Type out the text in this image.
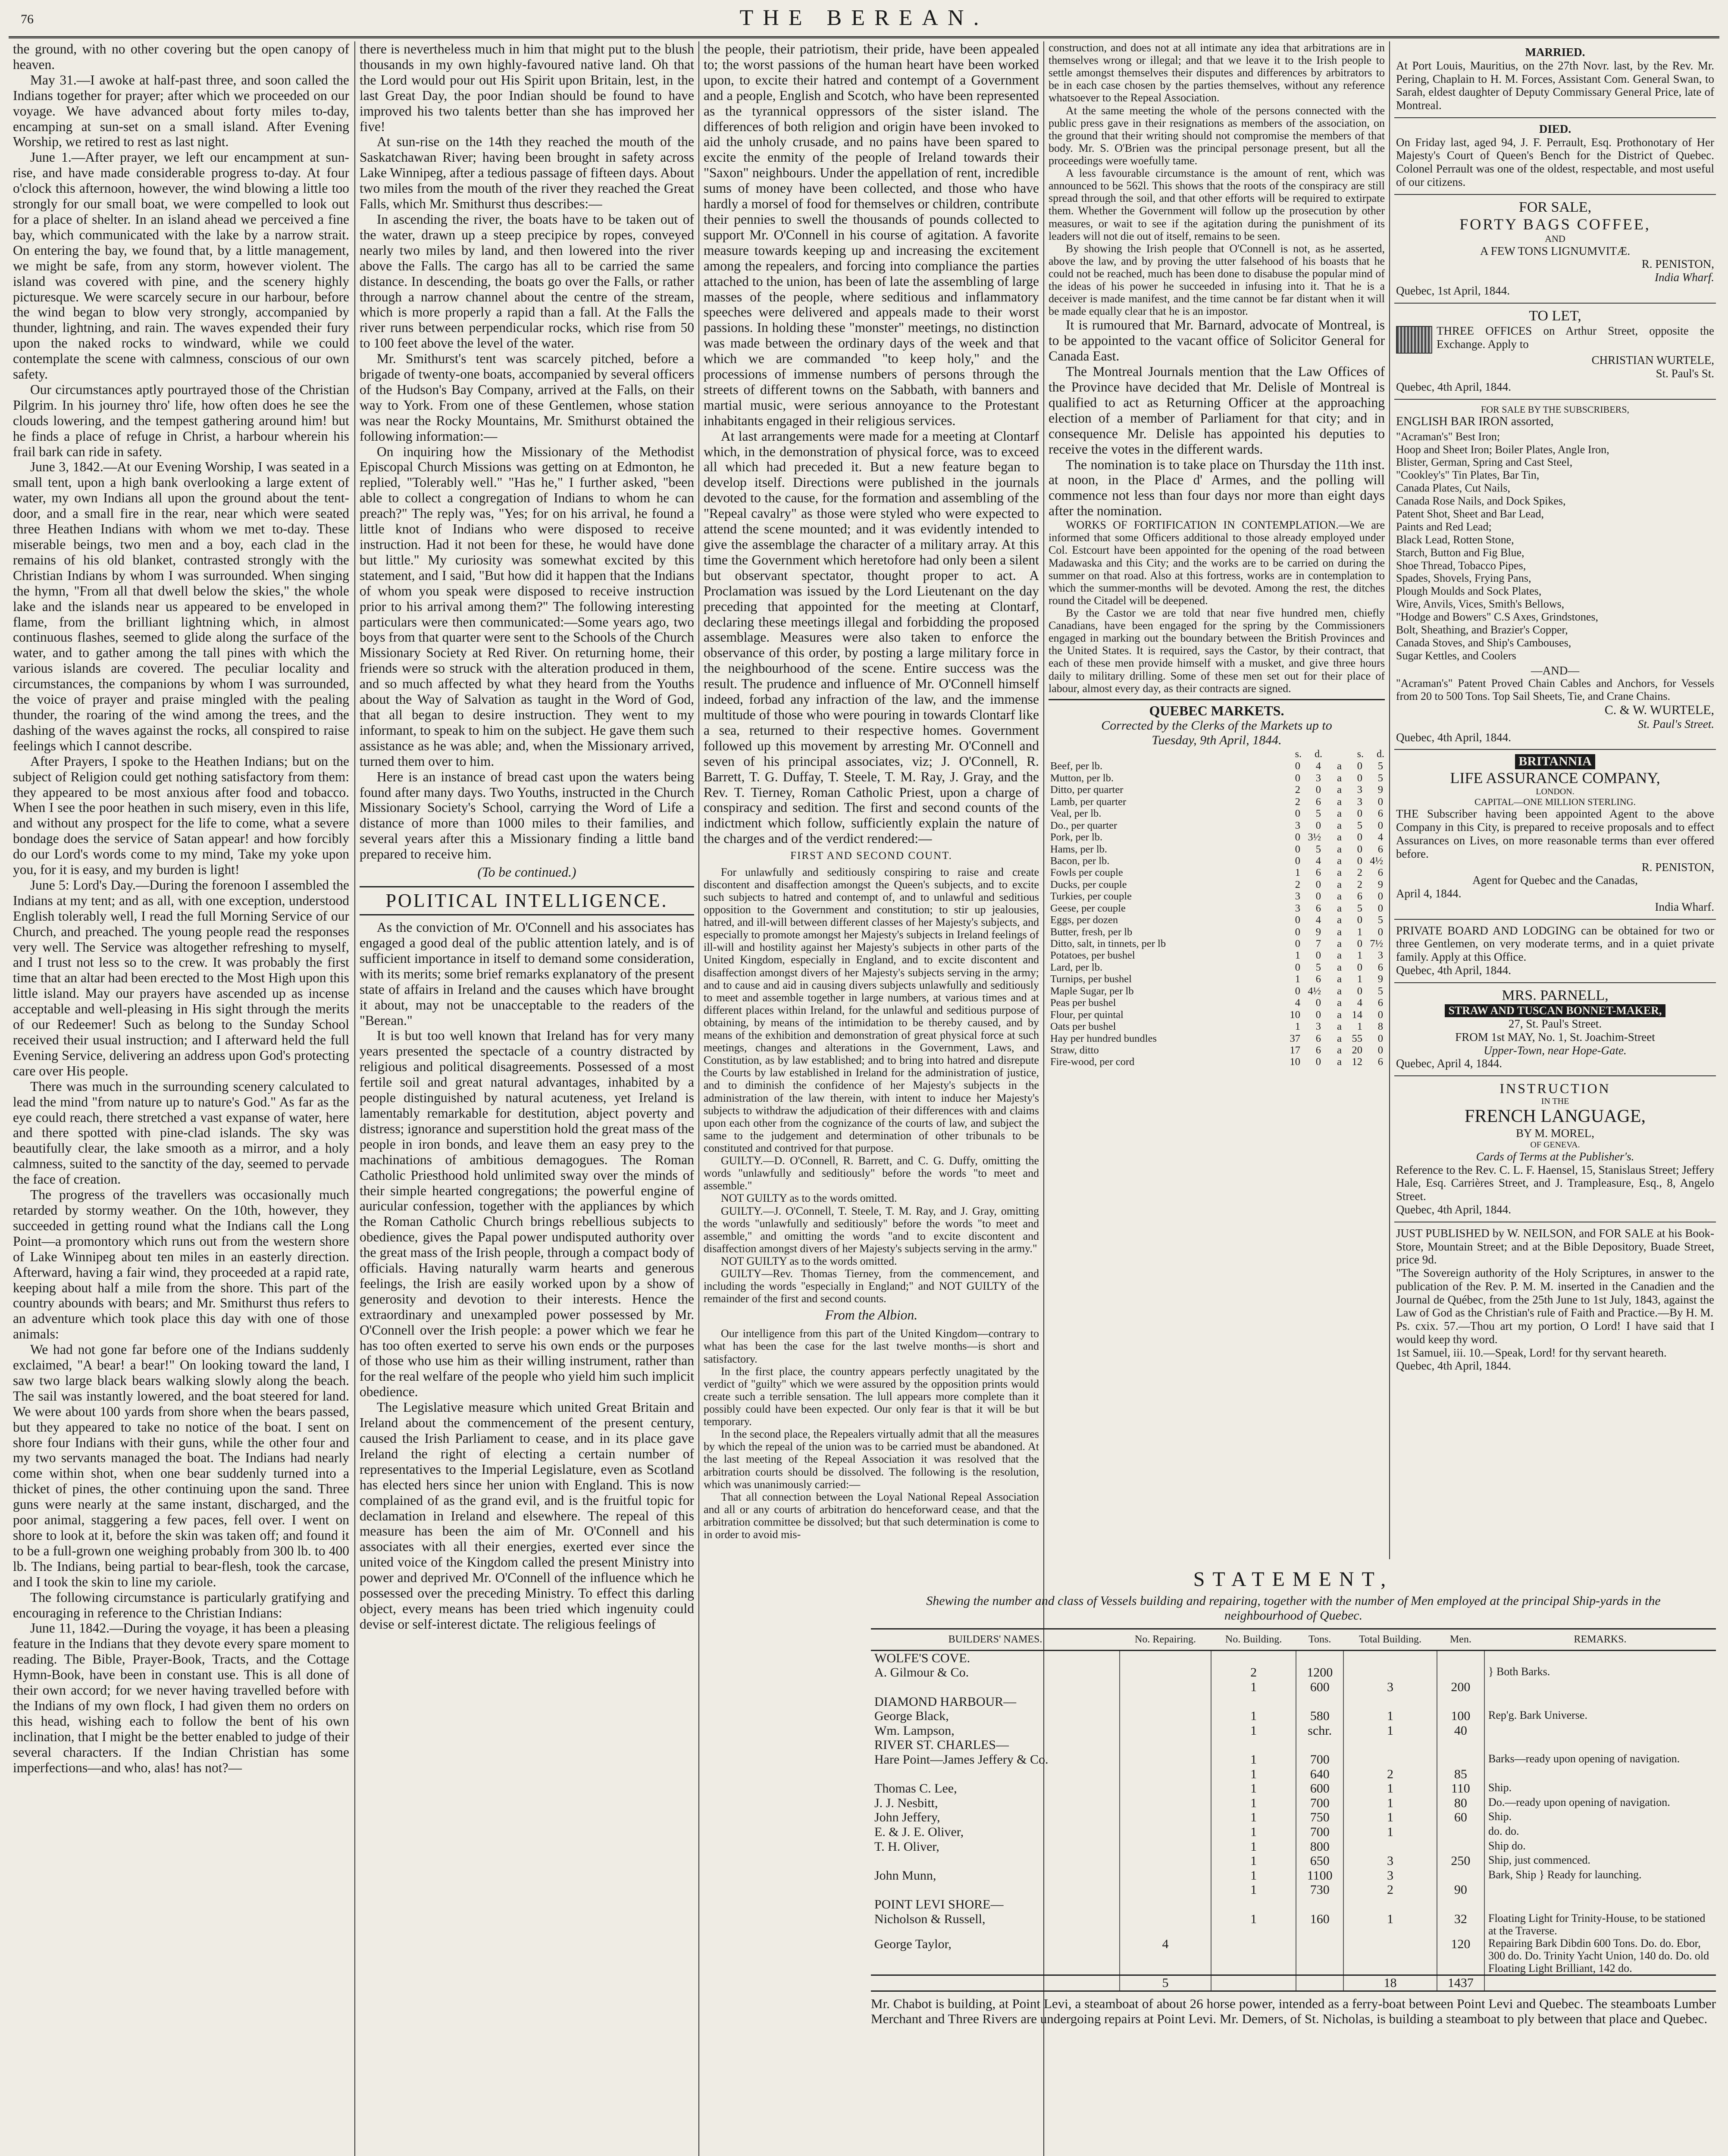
76	THE BEREAN.

the ground, with no other covering but the open canopy of heaven.

May 31.—I awoke at half-past three, and soon called the Indians together for prayer; after which we proceeded on our voyage. We have advanced about forty miles to-day, encamping at sun-set on a small island. After Evening Worship, we retired to rest as last night.

June 1.—After prayer, we left our encampment at sun-rise, and have made considerable progress to-day. At four o'clock this afternoon, however, the wind blowing a little too strongly for our small boat, we were compelled to look out for a place of shelter. In an island ahead we perceived a fine bay, which communicated with the lake by a narrow strait. On entering the bay, we found that, by a little management, we might be safe, from any storm, however violent. The island was covered with pine, and the scenery highly picturesque. We were scarcely secure in our harbour, before the wind began to blow very strongly, accompanied by thunder, lightning, and rain. The waves expended their fury upon the naked rocks to windward, while we could contemplate the scene with calmness, conscious of our own safety.

Our circumstances aptly pourtrayed those of the Christian Pilgrim. In his journey thro' life, how often does he see the clouds lowering, and the tempest gathering around him! but he finds a place of refuge in Christ, a harbour wherein his frail bark can ride in safety.

June 3, 1842.—At our Evening Worship, I was seated in a small tent, upon a high bank overlooking a large extent of water, my own Indians all upon the ground about the tent-door, and a small fire in the rear, near which were seated three Heathen Indians with whom we met to-day. These miserable beings, two men and a boy, each clad in the remains of his old blanket, contrasted strongly with the Christian Indians by whom I was surrounded. When singing the hymn, "From all that dwell below the skies," the whole lake and the islands near us appeared to be enveloped in flame, from the brilliant lightning which, in almost continuous flashes, seemed to glide along the surface of the water, and to gather among the tall pines with which the various islands are covered. The peculiar locality and circumstances, the companions by whom I was surrounded, the voice of prayer and praise mingled with the pealing thunder, the roaring of the wind among the trees, and the dashing of the waves against the rocks, all conspired to raise feelings which I cannot describe.

After Prayers, I spoke to the Heathen Indians; but on the subject of Religion could get nothing satisfactory from them: they appeared to be most anxious after food and tobacco. When I see the poor heathen in such misery, even in this life, and without any prospect for the life to come, what a severe bondage does the service of Satan appear! and how forcibly do our Lord's words come to my mind, Take my yoke upon you, for it is easy, and my burden is light!

June 5: Lord's Day.—During the forenoon I assembled the Indians at my tent; and as all, with one exception, understood English tolerably well, I read the full Morning Service of our Church, and preached. The young people read the responses very well. The Service was altogether refreshing to myself, and I trust not less so to the crew. It was probably the first time that an altar had been erected to the Most High upon this little island. May our prayers have ascended up as incense acceptable and well-pleasing in His sight through the merits of our Redeemer! Such as belong to the Sunday School received their usual instruction; and I afterward held the full Evening Service, delivering an address upon God's protecting care over His people.

There was much in the surrounding scenery calculated to lead the mind "from nature up to nature's God." As far as the eye could reach, there stretched a vast expanse of water, here and there spotted with pine-clad islands. The sky was beautifully clear, the lake smooth as a mirror, and a holy calmness, suited to the sanctity of the day, seemed to pervade the face of creation.

The progress of the travellers was occasionally much retarded by stormy weather. On the 10th, however, they succeeded in getting round what the Indians call the Long Point—a promontory which runs out from the western shore of Lake Winnipeg about ten miles in an easterly direction. Afterward, having a fair wind, they proceeded at a rapid rate, keeping about half a mile from the shore. This part of the country abounds with bears; and Mr. Smithurst thus refers to an adventure which took place this day with one of those animals:

We had not gone far before one of the Indians suddenly exclaimed, "A bear! a bear!" On looking toward the land, I saw two large black bears walking slowly along the beach. The sail was instantly lowered, and the boat steered for land. We were about 100 yards from shore when the bears passed, but they appeared to take no notice of the boat. I sent on shore four Indians with their guns, while the other four and my two servants managed the boat. The Indians had nearly come within shot, when one bear suddenly turned into a thicket of pines, the other continuing upon the sand. Three guns were nearly at the same instant, discharged, and the poor animal, staggering a few paces, fell over. I went on shore to look at it, before the skin was taken off; and found it to be a full-grown one weighing probably from 300 lb. to 400 lb. The Indians, being partial to bear-flesh, took the carcase, and I took the skin to line my cariole.

The following circumstance is particularly gratifying and encouraging in reference to the Christian Indians:

June 11, 1842.—During the voyage, it has been a pleasing feature in the Indians that they devote every spare moment to reading. The Bible, Prayer-Book, Tracts, and the Cottage Hymn-Book, have been in constant use. This is all done of their own accord; for we never having travelled before with the Indians of my own flock, I had given them no orders on this head, wishing each to follow the bent of his own inclination, that I might be the better enabled to judge of their several characters. If the Indian Christian has some imperfections—and who, alas! has not?—

there is nevertheless much in him that might put to the blush thousands in my own highly-favoured native land. Oh that the Lord would pour out His Spirit upon Britain, lest, in the last Great Day, the poor Indian should be found to have improved his two talents better than she has improved her five!

At sun-rise on the 14th they reached the mouth of the Saskatchawan River; having been brought in safety across Lake Winnipeg, after a tedious passage of fifteen days. About two miles from the mouth of the river they reached the Great Falls, which Mr. Smithurst thus describes:—

In ascending the river, the boats have to be taken out of the water, drawn up a steep precipice by ropes, conveyed nearly two miles by land, and then lowered into the river above the Falls. The cargo has all to be carried the same distance. In descending, the boats go over the Falls, or rather through a narrow channel about the centre of the stream, which is more properly a rapid than a fall. At the Falls the river runs between perpendicular rocks, which rise from 50 to 100 feet above the level of the water.

Mr. Smithurst's tent was scarcely pitched, before a brigade of twenty-one boats, accompanied by several officers of the Hudson's Bay Company, arrived at the Falls, on their way to York. From one of these Gentlemen, whose station was near the Rocky Mountains, Mr. Smithurst obtained the following information:—

On inquiring how the Missionary of the Methodist Episcopal Church Missions was getting on at Edmonton, he replied, "Tolerably well." "Has he," I further asked, "been able to collect a congregation of Indians to whom he can preach?" The reply was, "Yes; for on his arrival, he found a little knot of Indians who were disposed to receive instruction. Had it not been for these, he would have done but little." My curiosity was somewhat excited by this statement, and I said, "But how did it happen that the Indians of whom you speak were disposed to receive instruction prior to his arrival among them?" The following interesting particulars were then communicated:—Some years ago, two boys from that quarter were sent to the Schools of the Church Missionary Society at Red River. On returning home, their friends were so struck with the alteration produced in them, and so much affected by what they heard from the Youths about the Way of Salvation as taught in the Word of God, that all began to desire instruction. They went to my informant, to speak to him on the subject. He gave them such assistance as he was able; and, when the Missionary arrived, turned them over to him.

Here is an instance of bread cast upon the waters being found after many days. Two Youths, instructed in the Church Missionary Society's School, carrying the Word of Life a distance of more than 1000 miles to their families, and several years after this a Missionary finding a little band prepared to receive him.

(To be continued.)
POLITICAL INTELLIGENCE.

As the conviction of Mr. O'Connell and his associates has engaged a good deal of the public attention lately, and is of sufficient importance in itself to demand some consideration, with its merits; some brief remarks explanatory of the present state of affairs in Ireland and the causes which have brought it about, may not be unacceptable to the readers of the "Berean."

It is but too well known that Ireland has for very many years presented the spectacle of a country distracted by religious and political disagreements. Possessed of a most fertile soil and great natural advantages, inhabited by a people distinguished by natural acuteness, yet Ireland is lamentably remarkable for destitution, abject poverty and distress; ignorance and superstition hold the great mass of the people in iron bonds, and leave them an easy prey to the machinations of ambitious demagogues. The Roman Catholic Priesthood hold unlimited sway over the minds of their simple hearted congregations; the powerful engine of auricular confession, together with the appliances by which the Roman Catholic Church brings rebellious subjects to obedience, gives the Papal power undisputed authority over the great mass of the Irish people, through a compact body of officials. Having naturally warm hearts and generous feelings, the Irish are easily worked upon by a show of generosity and devotion to their interests. Hence the extraordinary and unexampled power possessed by Mr. O'Connell over the Irish people: a power which we fear he has too often exerted to serve his own ends or the purposes of those who use him as their willing instrument, rather than for the real welfare of the people who yield him such implicit obedience.

The Legislative measure which united Great Britain and Ireland about the commencement of the present century, caused the Irish Parliament to cease, and in its place gave Ireland the right of electing a certain number of representatives to the Imperial Legislature, even as Scotland has elected hers since her union with England. This is now complained of as the grand evil, and is the fruitful topic for declamation in Ireland and elsewhere. The repeal of this measure has been the aim of Mr. O'Connell and his associates with all their energies, exerted ever since the united voice of the Kingdom called the present Ministry into power and deprived Mr. O'Connell of the influence which he possessed over the preceding Ministry. To effect this darling object, every means has been tried which ingenuity could devise or self-interest dictate. The religious feelings of

the people, their patriotism, their pride, have been appealed to; the worst passions of the human heart have been worked upon, to excite their hatred and contempt of a Government and a people, English and Scotch, who have been represented as the tyrannical oppressors of the sister island. The differences of both religion and origin have been invoked to aid the unholy crusade, and no pains have been spared to excite the enmity of the people of Ireland towards their "Saxon" neighbours. Under the appellation of rent, incredible sums of money have been collected, and those who have hardly a morsel of food for themselves or children, contribute their pennies to swell the thousands of pounds collected to support Mr. O'Connell in his course of agitation. A favorite measure towards keeping up and increasing the excitement among the repealers, and forcing into compliance the parties attached to the union, has been of late the assembling of large masses of the people, where seditious and inflammatory speeches were delivered and appeals made to their worst passions. In holding these "monster" meetings, no distinction was made between the ordinary days of the week and that which we are commanded "to keep holy," and the processions of immense numbers of persons through the streets of different towns on the Sabbath, with banners and martial music, were serious annoyance to the Protestant inhabitants engaged in their religious services.

At last arrangements were made for a meeting at Clontarf which, in the demonstration of physical force, was to exceed all which had preceded it. But a new feature began to develop itself. Directions were published in the journals devoted to the cause, for the formation and assembling of the "Repeal cavalry" as those were styled who were expected to attend the scene mounted; and it was evidently intended to give the assemblage the character of a military array. At this time the Government which heretofore had only been a silent but observant spectator, thought proper to act. A Proclamation was issued by the Lord Lieutenant on the day preceding that appointed for the meeting at Clontarf, declaring these meetings illegal and forbidding the proposed assemblage. Measures were also taken to enforce the observance of this order, by posting a large military force in the neighbourhood of the scene. Entire success was the result. The prudence and influence of Mr. O'Connell himself indeed, forbad any infraction of the law, and the immense multitude of those who were pouring in towards Clontarf like a sea, returned to their respective homes. Government followed up this movement by arresting Mr. O'Connell and seven of his principal associates, viz; J. O'Connell, R. Barrett, T. G. Duffay, T. Steele, T. M. Ray, J. Gray, and the Rev. T. Tierney, Roman Catholic Priest, upon a charge of conspiracy and sedition. The first and second counts of the indictment which follow, sufficiently explain the nature of the charges and of the verdict rendered:—

FIRST AND SECOND COUNT.

For unlawfully and seditiously conspiring to raise and create discontent and disaffection amongst the Queen's subjects, and to excite such subjects to hatred and contempt of, and to unlawful and seditious opposition to the Government and constitution; to stir up jealousies, hatred, and ill-will between different classes of her Majesty's subjects, and especially to promote amongst her Majesty's subjects in Ireland feelings of ill-will and hostility against her Majesty's subjects in other parts of the United Kingdom, especially in England, and to excite discontent and disaffection amongst divers of her Majesty's subjects serving in the army; and to cause and aid in causing divers subjects unlawfully and seditiously to meet and assemble together in large numbers, at various times and at different places within Ireland, for the unlawful and seditious purpose of obtaining, by means of the intimidation to be thereby caused, and by means of the exhibition and demonstration of great physical force at such meetings, changes and alterations in the Government, Laws, and Constitution, as by law established; and to bring into hatred and disrepute the Courts by law established in Ireland for the administration of justice, and to diminish the confidence of her Majesty's subjects in the administration of the law therein, with intent to induce her Majesty's subjects to withdraw the adjudication of their differences with and claims upon each other from the cognizance of the courts of law, and subject the same to the judgement and determination of other tribunals to be constituted and contrived for that purpose.

GUILTY.—D. O'Connell, R. Barrett, and C. G. Duffy, omitting the words "unlawfully and seditiously" before the words "to meet and assemble."

NOT GUILTY as to the words omitted.

GUILTY.—J. O'Connell, T. Steele, T. M. Ray, and J. Gray, omitting the words "unlawfully and seditiously" before the words "to meet and assemble," and omitting the words "and to excite discontent and disaffection amongst divers of her Majesty's subjects serving in the army."

NOT GUILTY as to the words omitted.

GUILTY—Rev. Thomas Tierney, from the commencement, and including the words "especially in England;" and NOT GUILTY of the remainder of the first and second counts.

From the Albion.

Our intelligence from this part of the United Kingdom—contrary to what has been the case for the last twelve months—is short and satisfactory.

In the first place, the country appears perfectly unagitated by the verdict of "guilty" which we were assured by the opposition prints would create such a terrible sensation. The lull appears more complete than it possibly could have been expected. Our only fear is that it will be but temporary.

In the second place, the Repealers virtually admit that all the measures by which the repeal of the union was to be carried must be abandoned. At the last meeting of the Repeal Association it was resolved that the arbitration courts should be dissolved. The following is the resolution, which was unanimously carried:—

That all connection between the Loyal National Repeal Association and all or any courts of arbitration do henceforward cease, and that the arbitration committee be dissolved; but that such determination is come to in order to avoid mis-

construction, and does not at all intimate any idea that arbitrations are in themselves wrong or illegal; and that we leave it to the Irish people to settle amongst themselves their disputes and differences by arbitrators to be in each case chosen by the parties themselves, without any reference whatsoever to the Repeal Association.

At the same meeting the whole of the persons connected with the public press gave in their resignations as members of the association, on the ground that their writing should not compromise the members of that body. Mr. S. O'Brien was the principal personage present, but all the proceedings were woefully tame.

A less favourable circumstance is the amount of rent, which was announced to be 562l. This shows that the roots of the conspiracy are still spread through the soil, and that other efforts will be required to extirpate them. Whether the Government will follow up the prosecution by other measures, or wait to see if the agitation during the punishment of its leaders will not die out of itself, remains to be seen.

By showing the Irish people that O'Connell is not, as he asserted, above the law, and by proving the utter falsehood of his boasts that he could not be reached, much has been done to disabuse the popular mind of the ideas of his power he succeeded in infusing into it. That he is a deceiver is made manifest, and the time cannot be far distant when it will be made equally clear that he is an impostor.

It is rumoured that Mr. Barnard, advocate of Montreal, is to be appointed to the vacant office of Solicitor General for Canada East.

The Montreal Journals mention that the Law Offices of the Province have decided that Mr. Delisle of Montreal is qualified to act as Returning Officer at the approaching election of a member of Parliament for that city; and in consequence Mr. Delisle has appointed his deputies to receive the votes in the different wards.

The nomination is to take place on Thursday the 11th inst. at noon, in the Place d' Armes, and the polling will commence not less than four days nor more than eight days after the nomination.

WORKS OF FORTIFICATION IN CONTEMPLATION.—We are informed that some Officers additional to those already employed under Col. Estcourt have been appointed for the opening of the road between Madawaska and this City; and the works are to be carried on during the summer on that road. Also at this fortress, works are in contemplation to which the summer-months will be devoted. Among the rest, the ditches round the Citadel will be deepened.

By the Castor we are told that near five hundred men, chiefly Canadians, have been engaged for the spring by the Commissioners engaged in marking out the boundary between the British Provinces and the United States. It is required, says the Castor, by their contract, that each of these men provide himself with a musket, and give three hours daily to military drilling. Some of these men set out for their place of labour, almost every day, as their contracts are signed.

QUEBEC MARKETS.
Corrected by the Clerks of the Markets up to
Tuesday, 9th April, 1844.
	s.	d.		s.	d.
Beef, per lb.	0	4	a	0	5
Mutton, per lb.	0	3	a	0	5
Ditto, per quarter	2	0	a	3	9
Lamb, per quarter	2	6	a	3	0
Veal, per lb.	0	5	a	0	6
Do., per quarter	3	0	a	5	0
Pork, per lb.	0	3½	a	0	4
Hams, per lb.	0	5	a	0	6
Bacon, per lb.	0	4	a	0	4½
Fowls per couple	1	6	a	2	6
Ducks, per couple	2	0	a	2	9
Turkies, per couple	3	0	a	6	0
Geese, per couple	3	6	a	5	0
Eggs, per dozen	0	4	a	0	5
Butter, fresh, per lb	0	9	a	1	0
Ditto, salt, in tinnets, per lb	0	7	a	0	7½
Potatoes, per bushel	1	0	a	1	3
Lard, per lb.	0	5	a	0	6
Turnips, per bushel	1	6	a	1	9
Maple Sugar, per lb	0	4½	a	0	5
Peas per bushel	4	0	a	4	6
Flour, per quintal	10	0	a	14	0
Oats per bushel	1	3	a	1	8
Hay per hundred bundles	37	6	a	55	0
Straw, ditto	17	6	a	20	0
Fire-wood, per cord	10	0	a	12	6
MARRIED.
At Port Louis, Mauritius, on the 27th Novr. last, by the Rev. Mr. Pering, Chaplain to H. M. Forces, Assistant Com. General Swan, to Sarah, eldest daughter of Deputy Commissary General Price, late of Montreal.
DIED.
On Friday last, aged 94, J. F. Perrault, Esq. Prothonotary of Her Majesty's Court of Queen's Bench for the District of Quebec. Colonel Perrault was one of the oldest, respectable, and most useful of our citizens.
FOR SALE,
FORTY BAGS COFFEE,
AND
A FEW TONS LIGNUMVITÆ.
R. PENISTON,
India Wharf.
Quebec, 1st April, 1844.
TO LET,
THREE OFFICES on Arthur Street, opposite the Exchange. Apply to
CHRISTIAN WURTELE,
St. Paul's St.
Quebec, 4th April, 1844.
FOR SALE BY THE SUBSCRIBERS,
ENGLISH BAR IRON assorted,
"Acraman's" Best Iron;
Hoop and Sheet Iron; Boiler Plates, Angle Iron,
Blister, German, Spring and Cast Steel,
"Cookley's" Tin Plates, Bar Tin,
Canada Plates, Cut Nails,
Canada Rose Nails, and Dock Spikes,
Patent Shot, Sheet and Bar Lead,
Paints and Red Lead;
Black Lead, Rotten Stone,
Starch, Button and Fig Blue,
Shoe Thread, Tobacco Pipes,
Spades, Shovels, Frying Pans,
Plough Moulds and Sock Plates,
Wire, Anvils, Vices, Smith's Bellows,
"Hodge and Bowers" C.S Axes, Grindstones,
Bolt, Sheathing, and Brazier's Copper,
Canada Stoves, and Ship's Cambouses,
Sugar Kettles, and Coolers
—AND—
"Acraman's" Patent Proved Chain Cables and Anchors, for Vessels from 20 to 500 Tons. Top Sail Sheets, Tie, and Crane Chains.
C. & W. WURTELE,
St. Paul's Street.
Quebec, 4th April, 1844.
BRITANNIA
LIFE ASSURANCE COMPANY,
LONDON.
CAPITAL—ONE MILLION STERLING.
THE Subscriber having been appointed Agent to the above Company in this City, is prepared to receive proposals and to effect Assurances on Lives, on more reasonable terms than ever offered before.
R. PENISTON,
Agent for Quebec and the Canadas,
April 4, 1844.
India Wharf.
PRIVATE BOARD AND LODGING can be obtained for two or three Gentlemen, on very moderate terms, and in a quiet private family. Apply at this Office.
Quebec, 4th April, 1844.
MRS. PARNELL,
STRAW AND TUSCAN BONNET-MAKER,
27, St. Paul's Street.
FROM 1st MAY, No. 1, St. Joachim-Street
Upper-Town, near Hope-Gate.
Quebec, April 4, 1844.
INSTRUCTION
IN THE
FRENCH LANGUAGE,
BY M. MOREL,
OF GENEVA.
Cards of Terms at the Publisher's.
Reference to the Rev. C. L. F. Haensel, 15, Stanislaus Street; Jeffery Hale, Esq. Carrières Street, and J. Trampleasure, Esq., 8, Angelo Street.
Quebec, 4th April, 1844.
JUST PUBLISHED by W. NEILSON, and FOR SALE at his Book-Store, Mountain Street; and at the Bible Depository, Buade Street, price 9d.
"The Sovereign authority of the Holy Scriptures, in answer to the publication of the Rev. P. M. M. inserted in the Canadien and the Journal de Québec, from the 25th June to 1st July, 1843, against the Law of God as the Christian's rule of Faith and Practice.—By H. M.
Ps. cxix. 57.—Thou art my portion, O Lord! I have said that I would keep thy word.
1st Samuel, iii. 10.—Speak, Lord! for thy servant heareth.
Quebec, 4th April, 1844.
STATEMENT,
Shewing the number and class of Vessels building and repairing, together with the number of Men employed at the principal Ship-yards in the neighbourhood of Quebec.
BUILDERS' NAMES.	No. Repairing.	No. Building.	Tons.	Total Building.	Men.	REMARKS.
WOLFE'S COVE.						
A. Gilmour & Co.		2	1200			} Both Barks.
		1	600	3	200	
DIAMOND HARBOUR—						
George Black,		1	580	1	100	Rep'g. Bark Universe.
Wm. Lampson,		1	schr.	1	40	
RIVER ST. CHARLES—						
Hare Point—James Jeffery & Co.		1	700			Barks—ready upon opening of navigation.
		1	640	2	85	
Thomas C. Lee,		1	600	1	110	Ship.
J. J. Nesbitt,		1	700	1	80	Do.—ready upon opening of navigation.
John Jeffery,		1	750	1	60	Ship.
E. & J. E. Oliver,		1	700	1		do. do.
T. H. Oliver,		1	800			Ship do.
		1	650	3	250	Ship, just commenced.
John Munn,		1	1100	3		Bark, Ship } Ready for launching.
		1	730	2	90	
POINT LEVI SHORE—						
Nicholson & Russell,		1	160	1	32	Floating Light for Trinity-House, to be stationed at the Traverse.
George Taylor,	4				120	Repairing Bark Dibdin 600 Tons. Do. do. Ebor, 300 do. Do. Trinity Yacht Union, 140 do. Do. old Floating Light Brilliant, 142 do.
	5			18	1437	
Mr. Chabot is building, at Point Levi, a steamboat of about 26 horse power, intended as a ferry-boat between Point Levi and Quebec. The steamboats Lumber Merchant and Three Rivers are undergoing repairs at Point Levi. Mr. Demers, of St. Nicholas, is building a steamboat to ply between that place and Quebec.
